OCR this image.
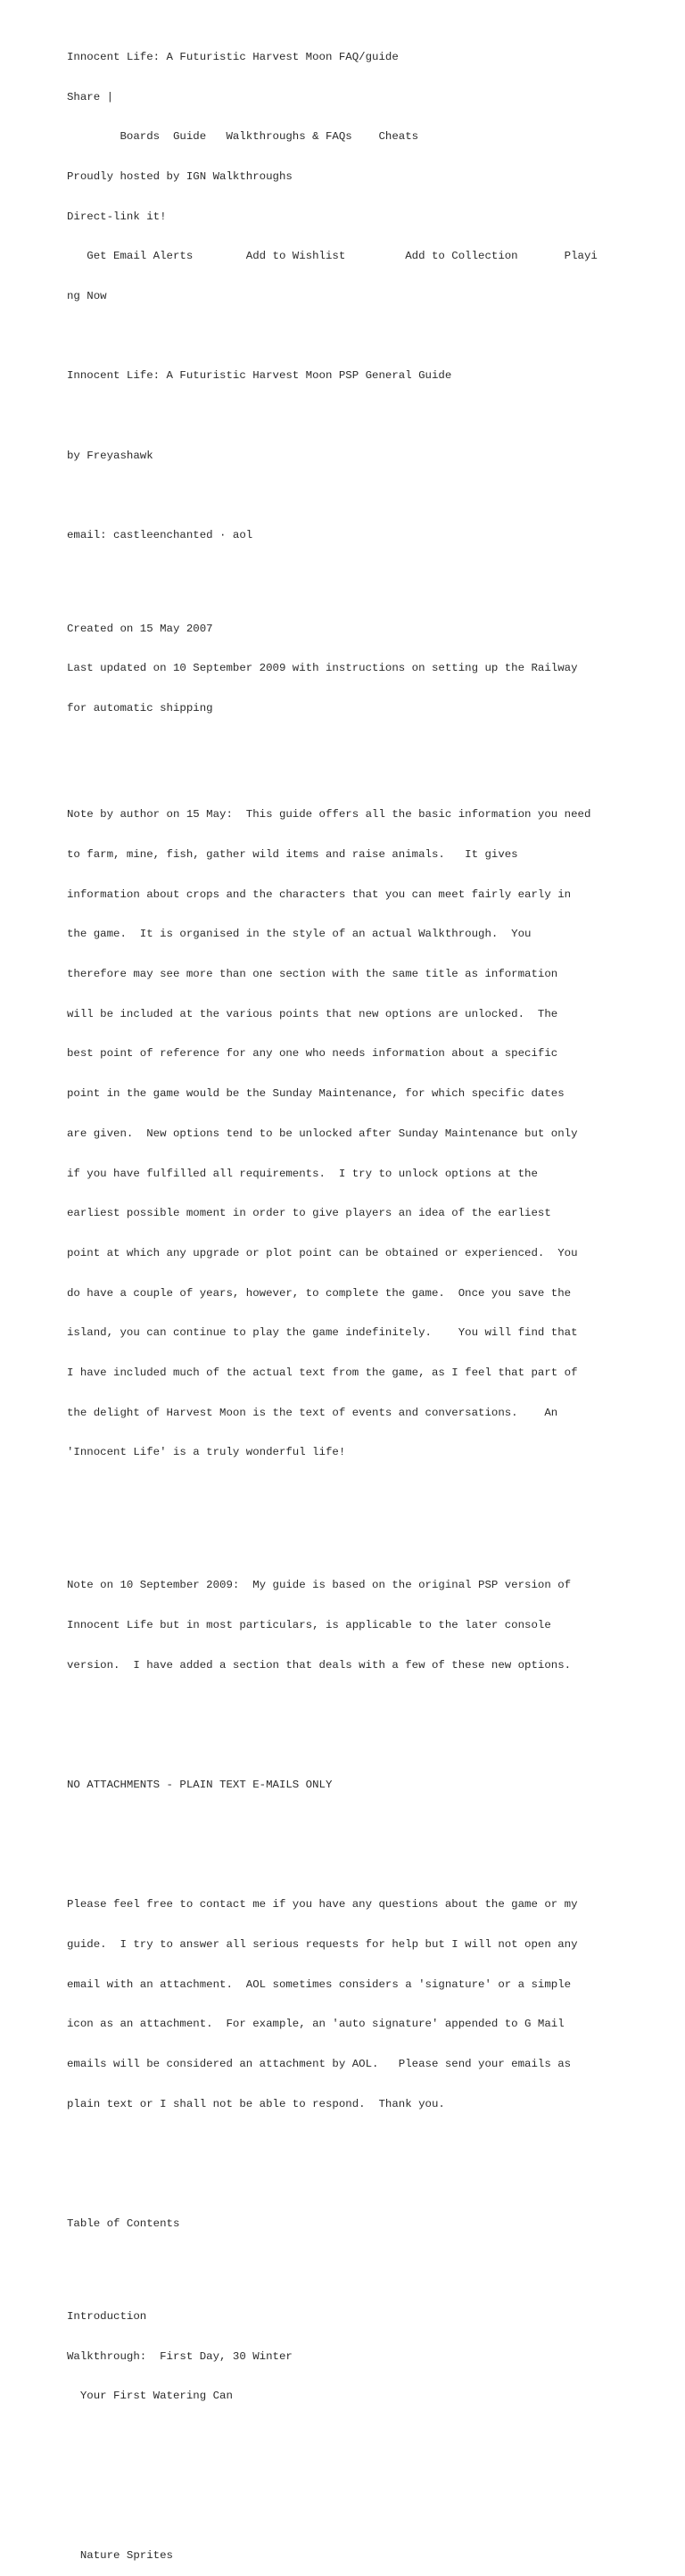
Innocent Life: A Futuristic Harvest Moon FAQ/guide

Share |

Boards  Guide   Walkthroughs & FAQs    Cheats

Proudly hosted by IGN Walkthroughs

Direct-link it!

Get Email Alerts        Add to Wishlist         Add to Collection       Playi

ng Now

Innocent Life: A Futuristic Harvest Moon PSP General Guide

by Freyashawk

email: castleenchanted · aol

Created on 15 May 2007

Last updated on 10 September 2009 with instructions on setting up the Railway

for automatic shipping

Note by author on 15 May:  This guide offers all the basic information you need

to farm, mine, fish, gather wild items and raise animals.   It gives

information about crops and the characters that you can meet fairly early in

the game.  It is organised in the style of an actual Walkthrough.  You

therefore may see more than one section with the same title as information

will be included at the various points that new options are unlocked.  The

best point of reference for any one who needs information about a specific

point in the game would be the Sunday Maintenance, for which specific dates

are given.  New options tend to be unlocked after Sunday Maintenance but only

if you have fulfilled all requirements.  I try to unlock options at the

earliest possible moment in order to give players an idea of the earliest

point at which any upgrade or plot point can be obtained or experienced.  You

do have a couple of years, however, to complete the game.  Once you save the

island, you can continue to play the game indefinitely.    You will find that

I have included much of the actual text from the game, as I feel that part of

the delight of Harvest Moon is the text of events and conversations.    An

'Innocent Life' is a truly wonderful life!

Note on 10 September 2009:  My guide is based on the original PSP version of

Innocent Life but in most particulars, is applicable to the later console

version.  I have added a section that deals with a few of these new options.

NO ATTACHMENTS - PLAIN TEXT E-MAILS ONLY

Please feel free to contact me if you have any questions about the game or my

guide.  I try to answer all serious requests for help but I will not open any

email with an attachment.  AOL sometimes considers a 'signature' or a simple

icon as an attachment.  For example, an 'auto signature' appended to G Mail

emails will be considered an attachment by AOL.   Please send your emails as

plain text or I shall not be able to respond.  Thank you.

Table of Contents

Introduction

Walkthrough:  First Day, 30 Winter

Your First Watering Can

Nature Sprites
